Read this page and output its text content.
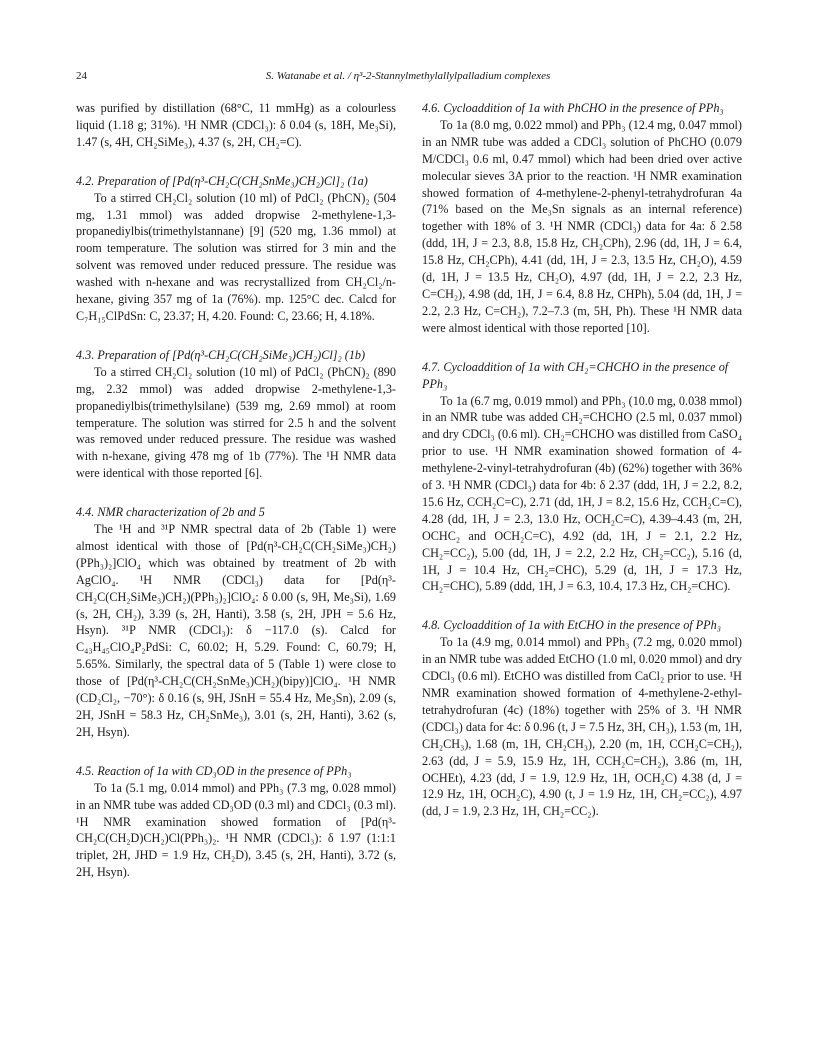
24	S. Watanabe et al. / η³-2-Stannylmethylallylpalladium complexes

was purified by distillation (68°C, 11 mmHg) as a colourless liquid (1.18 g; 31%). ¹H NMR (CDCl₃): δ 0.04 (s, 18H, Me₃Si), 1.47 (s, 4H, CH₂SiMe₃), 4.37 (s, 2H, CH₂=C).

4.2. Preparation of [Pd(η³-CH₂C(CH₂SnMe₃)CH₂)Cl]₂ (1a)

To a stirred CH₂Cl₂ solution (10 ml) of PdCl₂ (PhCN)₂ (504 mg, 1.31 mmol) was added dropwise 2-methylene-1,3-propanediylbis(trimethylstannane) [9] (520 mg, 1.36 mmol) at room temperature. The solution was stirred for 3 min and the solvent was removed under reduced pressure. The residue was washed with n-hexane and was recrystallized from CH₂Cl₂/n-hexane, giving 357 mg of 1a (76%). mp. 125°C dec. Calcd for C₇H₁₅ClPdSn: C, 23.37; H, 4.20. Found: C, 23.66; H, 4.18%.

4.3. Preparation of [Pd(η³-CH₂C(CH₂SiMe₃)CH₂)Cl]₂ (1b)

To a stirred CH₂Cl₂ solution (10 ml) of PdCl₂ (PhCN)₂ (890 mg, 2.32 mmol) was added dropwise 2-methylene-1,3-propanediylbis(trimethylsilane) (539 mg, 2.69 mmol) at room temperature. The solution was stirred for 2.5 h and the solvent was removed under reduced pressure. The residue was washed with n-hexane, giving 478 mg of 1b (77%). The ¹H NMR data were identical with those reported [6].

4.4. NMR characterization of 2b and 5

The ¹H and ³¹P NMR spectral data of 2b (Table 1) were almost identical with those of [Pd(η³-CH₂C(CH₂SiMe₃)CH₂)(PPh₃)₂]ClO₄ which was obtained by treatment of 2b with AgClO₄. ¹H NMR (CDCl₃) data for [Pd(η³-CH₂C(CH₂SiMe₃)CH₂)(PPh₃)₂]ClO₄: δ 0.00 (s, 9H, Me₃Si), 1.69 (s, 2H, CH₂), 3.39 (s, 2H, Hanti), 3.58 (s, 2H, JPH = 5.6 Hz, Hsyn). ³¹P NMR (CDCl₃): δ −117.0 (s). Calcd for C₄₃H₄₅ClO₄P₂PdSi: C, 60.02; H, 5.29. Found: C, 60.79; H, 5.65%. Similarly, the spectral data of 5 (Table 1) were close to those of [Pd(η³-CH₂C(CH₂SnMe₃)CH₂)(bipy)]ClO₄. ¹H NMR (CD₂Cl₂, −70°): δ 0.16 (s, 9H, JSnH = 55.4 Hz, Me₃Sn), 2.09 (s, 2H, JSnH = 58.3 Hz, CH₂SnMe₃), 3.01 (s, 2H, Hanti), 3.62 (s, 2H, Hsyn).

4.5. Reaction of 1a with CD₃OD in the presence of PPh₃

To 1a (5.1 mg, 0.014 mmol) and PPh₃ (7.3 mg, 0.028 mmol) in an NMR tube was added CD₃OD (0.3 ml) and CDCl₃ (0.3 ml). ¹H NMR examination showed formation of [Pd(η³-CH₂C(CH₂D)CH₂)Cl(PPh₃)₂. ¹H NMR (CDCl₃): δ 1.97 (1:1:1 triplet, 2H, JHD = 1.9 Hz, CH₂D), 3.45 (s, 2H, Hanti), 3.72 (s, 2H, Hsyn).

4.6. Cycloaddition of 1a with PhCHO in the presence of PPh₃

To 1a (8.0 mg, 0.022 mmol) and PPh₃ (12.4 mg, 0.047 mmol) in an NMR tube was added a CDCl₃ solution of PhCHO (0.079 M/CDCl₃ 0.6 ml, 0.47 mmol) which had been dried over active molecular sieves 3A prior to the reaction. ¹H NMR examination showed formation of 4-methylene-2-phenyl-tetrahydrofuran 4a (71% based on the Me₃Sn signals as an internal reference) together with 18% of 3. ¹H NMR (CDCl₃) data for 4a: δ 2.58 (ddd, 1H, J = 2.3, 8.8, 15.8 Hz, CH₂CPh), 2.96 (dd, 1H, J = 6.4, 15.8 Hz, CH₂CPh), 4.41 (dd, 1H, J = 2.3, 13.5 Hz, CH₂O), 4.59 (d, 1H, J = 13.5 Hz, CH₂O), 4.97 (dd, 1H, J = 2.2, 2.3 Hz, C=CH₂), 4.98 (dd, 1H, J = 6.4, 8.8 Hz, CHPh), 5.04 (dd, 1H, J = 2.2, 2.3 Hz, C=CH₂), 7.2–7.3 (m, 5H, Ph). These ¹H NMR data were almost identical with those reported [10].

4.7. Cycloaddition of 1a with CH₂=CHCHO in the presence of PPh₃

To 1a (6.7 mg, 0.019 mmol) and PPh₃ (10.0 mg, 0.038 mmol) in an NMR tube was added CH₂=CHCHO (2.5 ml, 0.037 mmol) and dry CDCl₃ (0.6 ml). CH₂=CHCHO was distilled from CaSO₄ prior to use. ¹H NMR examination showed formation of 4-methylene-2-vinyl-tetrahydrofuran (4b) (62%) together with 36% of 3. ¹H NMR (CDCl₃) data for 4b: δ 2.37 (ddd, 1H, J = 2.2, 8.2, 15.6 Hz, CCH₂C=C), 2.71 (dd, 1H, J = 8.2, 15.6 Hz, CCH₂C=C), 4.28 (dd, 1H, J = 2.3, 13.0 Hz, OCH₂C=C), 4.39–4.43 (m, 2H, OCHC₂ and OCH₂C=C), 4.92 (dd, 1H, J = 2.1, 2.2 Hz, CH₂=CC₂), 5.00 (dd, 1H, J = 2.2, 2.2 Hz, CH₂=CC₂), 5.16 (d, 1H, J = 10.4 Hz, CH₂=CHC), 5.29 (d, 1H, J = 17.3 Hz, CH₂=CHC), 5.89 (ddd, 1H, J = 6.3, 10.4, 17.3 Hz, CH₂=CHC).

4.8. Cycloaddition of 1a with EtCHO in the presence of PPh₃

To 1a (4.9 mg, 0.014 mmol) and PPh₃ (7.2 mg, 0.020 mmol) in an NMR tube was added EtCHO (1.0 ml, 0.020 mmol) and dry CDCl₃ (0.6 ml). EtCHO was distilled from CaCl₂ prior to use. ¹H NMR examination showed formation of 4-methylene-2-ethyl-tetrahydrofuran (4c) (18%) together with 25% of 3. ¹H NMR (CDCl₃) data for 4c: δ 0.96 (t, J = 7.5 Hz, 3H, CH₃), 1.53 (m, 1H, CH₂CH₃), 1.68 (m, 1H, CH₂CH₃), 2.20 (m, 1H, CCH₂C=CH₂), 2.63 (dd, J = 5.9, 15.9 Hz, 1H, CCH₂C=CH₂), 3.86 (m, 1H, OCHEt), 4.23 (dd, J = 1.9, 12.9 Hz, 1H, OCH₂C) 4.38 (d, J = 12.9 Hz, 1H, OCH₂C), 4.90 (t, J = 1.9 Hz, 1H, CH₂=CC₂), 4.97 (dd, J = 1.9, 2.3 Hz, 1H, CH₂=CC₂).
